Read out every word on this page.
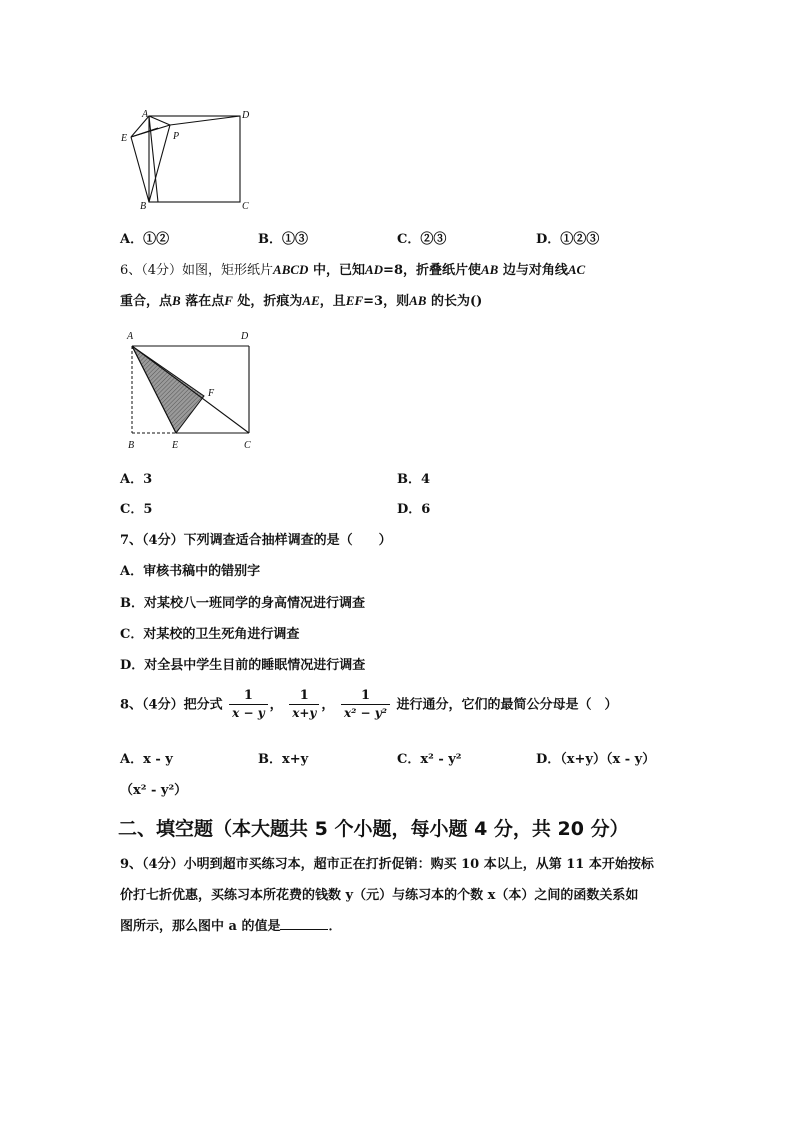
A	D
E	P
B	C
A．①②	B．①③	C．②③	D．①②③
6、（4分）如图，矩形纸片ABCD 中，已知AD=8，折叠纸片使AB 边与对角线AC
重合，点B 落在点F 处，折痕为AE，且EF=3，则AB 的长为()
A	D
F
B	E	C
A．3	B．4
C．5	D．6
7、（4分）下列调查适合抽样调查的是（　　）
A．审核书稿中的错别字
B．对某校八一班同学的身高情况进行调查
C．对某校的卫生死角进行调查
D．对全县中学生目前的睡眠情况进行调查
8、（4分）把分式 $\frac{1}{x - y}$ ， $\frac{1}{x+y}$ ， $\frac{1}{\text{x² − y²}}$ 进行通分，它们的最简公分母是（　）
A．x - y	B．x+y	C．x² - y²	D．（x+y）（x - y）
（x² - y²）
二、填空题（本大题共 5 个小题，每小题 4 分，共 20 分）
9、（4分）小明到超市买练习本，超市正在打折促销：购买 10 本以上，从第 11 本开始按标
价打七折优惠，买练习本所花费的钱数 y（元）与练习本的个数 x（本）之间的函数关系如
图所示，那么图中 a 的值是	．
